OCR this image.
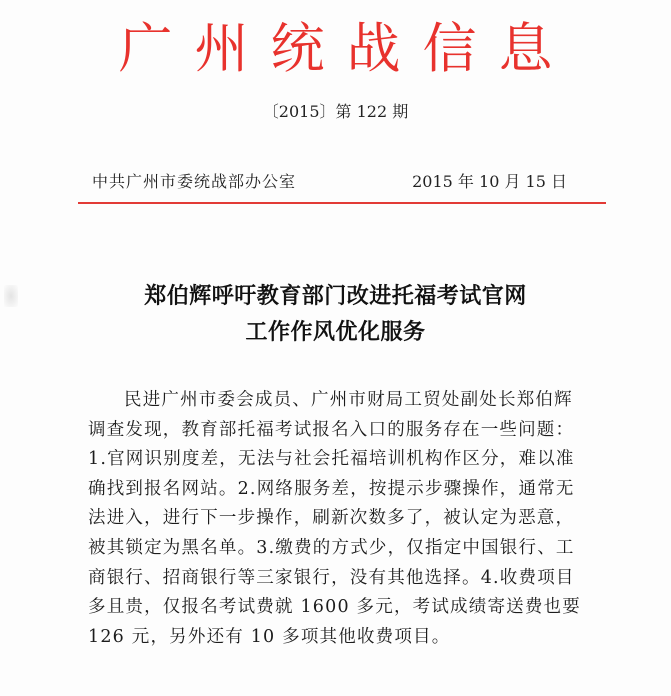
广州统战信息
〔2015〕第 122 期
中共广州市委统战部办公室	2015 年 10 月 15 日
郑伯辉呼吁教育部门改进托福考试官网
工作作风优化服务
民进广州市委会成员、广州市财局工贸处副处长郑伯辉
调查发现，教育部托福考试报名入口的服务存在一些问题：
1.官网识别度差，无法与社会托福培训机构作区分，难以准
确找到报名网站。2.网络服务差，按提示步骤操作，通常无
法进入，进行下一步操作，刷新次数多了，被认定为恶意，
被其锁定为黑名单。3.缴费的方式少，仅指定中国银行、工
商银行、招商银行等三家银行，没有其他选择。4.收费项目
多且贵，仅报名考试费就 1600 多元，考试成绩寄送费也要
126 元，另外还有 10 多项其他收费项目。
